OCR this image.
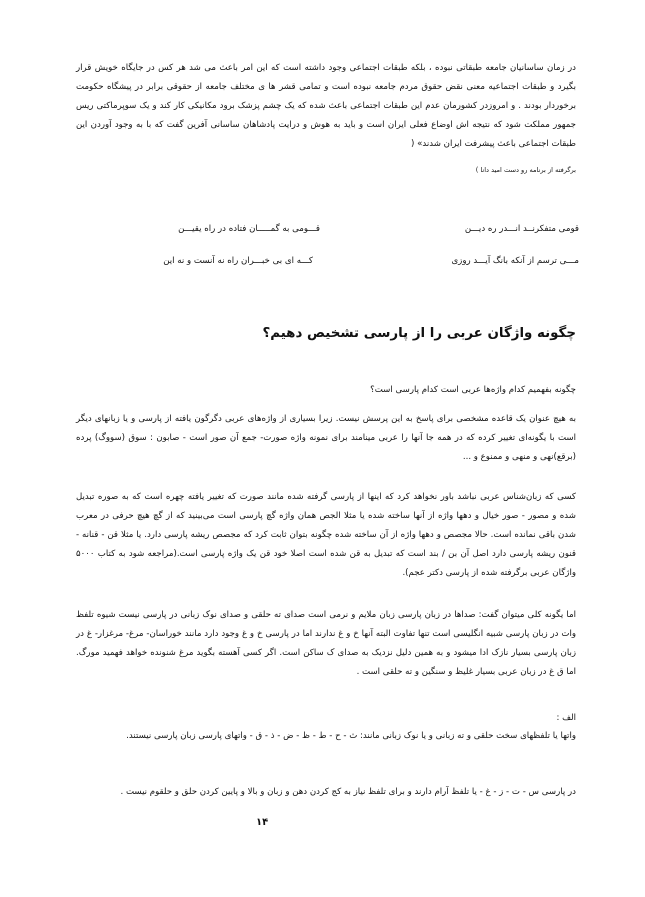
در زمان ساسانیان جامعه طبقاتی نبوده ، بلکه طبقات اجتماعی وجود داشته است که این امر باعث می شد هر کس در جایگاه خویش قرار بگیرد و طبقات اجتماعیه معنی نقض حقوق مردم جامعه نبوده است و تمامی قشر ها ی مختلف جامعه از حقوقی برابر در پیشگاه حکومت برخوردار بودند . و امروزدر کشورمان عدم این طبقات اجتماعی باعث شده که یک چشم پزشک برود مکانیکی کار کند و یک سوپرماکتی ریس جمهور مملکت شود که نتیجه اش اوضاع فعلی ایران است و باید به هوش و درایت پادشاهان ساسانی آفرین گفت که با به وجود آوردن این طبقات اجتماعی باعث پیشرفت ایران شدند» (

برگرفته از برنامه رو دست امید دانا )

قومی متفکرنــد انـــدر ره دیـــن
قـــومی به گمـــــان فتاده در راه یقیـــن
مـــی ترسم از آنکه بانگ آیـــد روزی
کـــه ای بی خبـــران راه نه آنست و نه این
چگونه واژگان عربی را از پارسی تشخیص دهیم؟

چگونه بفهمیم کدام واژه‌ها عربی است کدام پارسی است؟

به هیچ عنوان یک قاعده مشخصی برای پاسخ به این پرسش نیست. زیرا بسیاری از واژه‌های عربی دگرگون یافته از پارسی و یا زبانهای دیگر است با یگونه‌ای تغییر کرده که در همه جا آنها را عربی مینامند برای نمونه واژه صورت- جمع آن صور است - صابون : سوق (سووگ) پرده (برقع)نهی و منهی و ممنوع و ...

کسی که زبان‌شناس عربی نباشد باور نخواهد کرد که اینها از پارسی گرفته شده مانند صورت که تغییر یافته چهره است که به صوره تبدیل شده و مصور - صور خیال و دهها واژه از آنها ساخته شده یا مثلا الجص همان واژه گچ پارسی است می‌بینید که از گچ هیچ حرفی در معرب شدن باقی نمانده است. حالا مجصص و دهها واژه از آن ساخته شده چگونه بتوان ثابت کرد که مجصص ریشه پارسی دارد. یا مثلا قن - قنانه - قنون ریشه پارسی دارد اصل آن بن / بند است که تبدیل به قن شده است اصلا خود قن یک واژه پارسی است.(مراجعه شود به کتاب ۵۰۰۰ واژگان عربی برگرفته شده از پارسی دکتر عجم).

اما یگونه کلی میتوان گفت: صداها در زبان پارسی زبان ملایم و نرمی است صدای ته حلقی و صدای نوک زبانی در پارسی نیست شیوه تلفظ وات در زبان پارسی شبیه انگلیسی است تنها تفاوت البته آنها خ و غ ندارند اما در پارسی خ و غ وجود دارد مانند خوراسان- مرغ- مرغزار- غ در زبان پارسی بسیار نازک ادا میشود و به همین دلیل نزدیک به صدای ک ساکن است. اگر کسی آهسته بگوید مرغ شنونده خواهد فهمید مورگ. اما ق غ در زبان عربی بسیار غلیظ و سنگین و ته حلقی است .

الف :

واتها یا تلفظهای سخت حلقی و ته زبانی و یا نوک زبانی مانند: ث - ح - ط - ظ - ض - ذ - ق - واتهای پارسی زبان پارسی نیستند.

در پارسی س - ت - ز - غ - یا تلفظ آرام دارند و برای تلفظ نیاز به کج کردن دهن و زبان و بالا و پایین کردن حلق و حلقوم نیست .

۱۴
